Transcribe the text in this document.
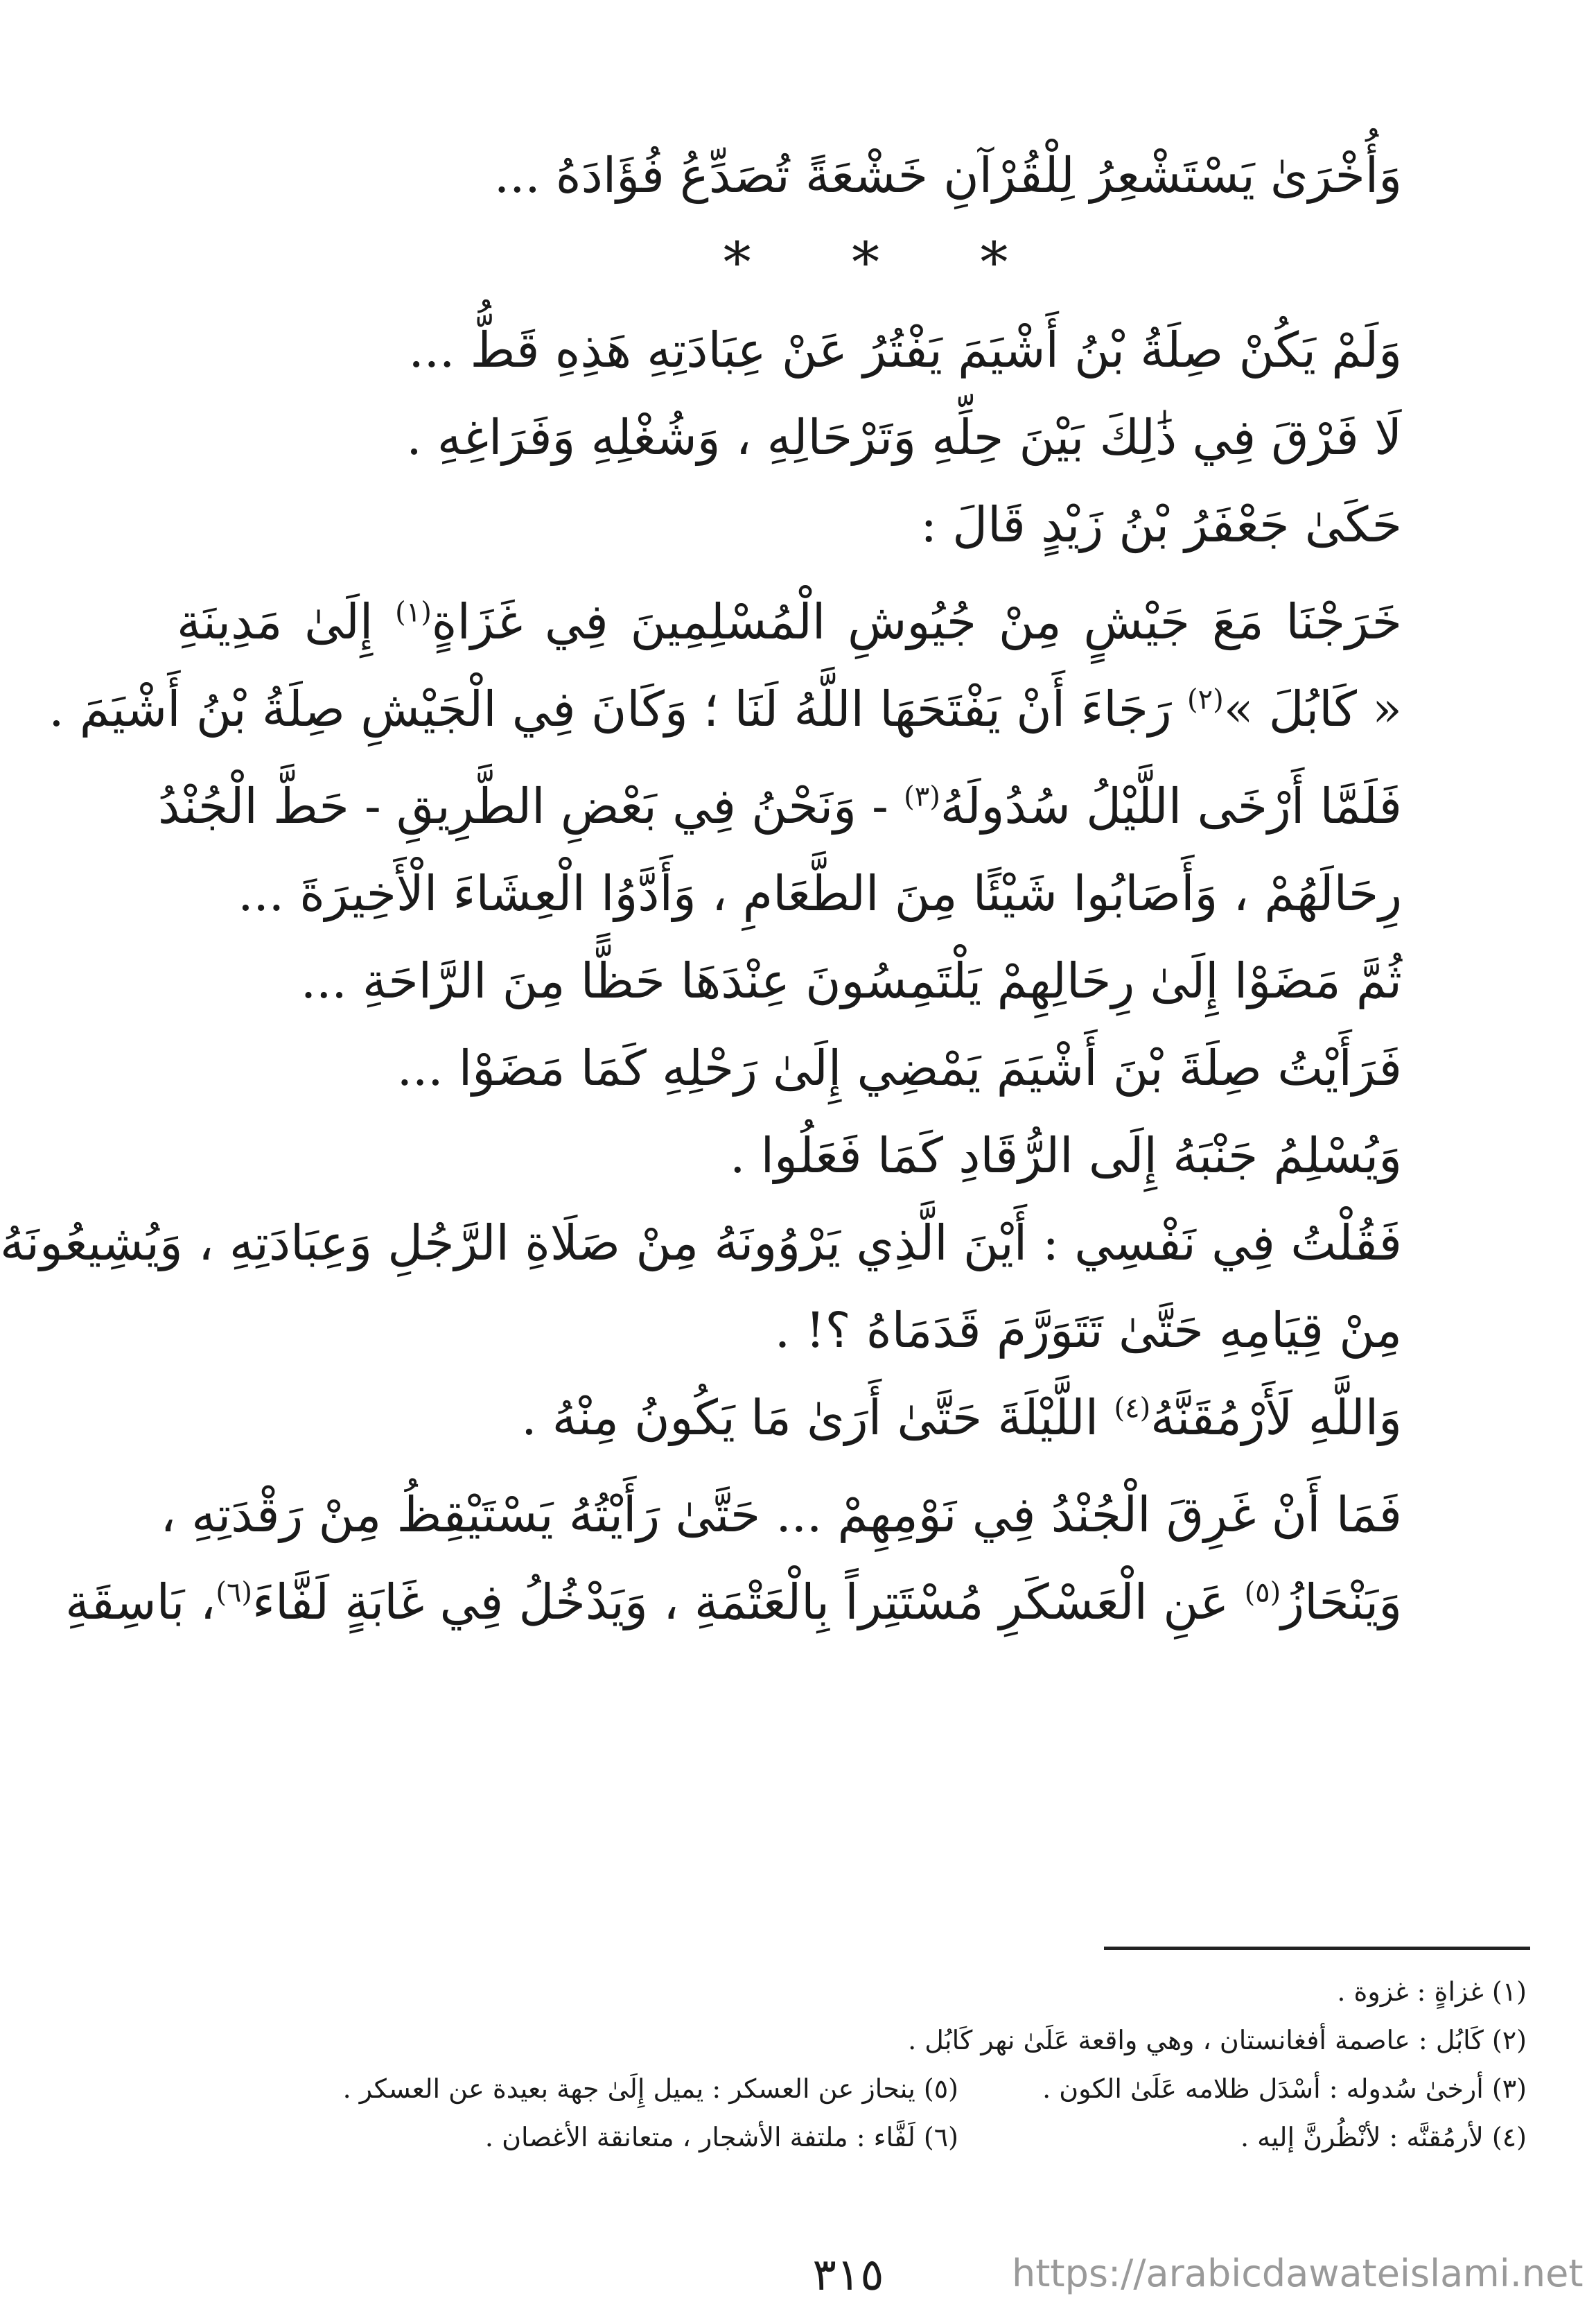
وَأُخْرَىٰ يَسْتَشْعِرُ لِلْقُرْآنِ خَشْعَةً تُصَدِّعُ فُؤَادَهُ ...
* * *
وَلَمْ يَكُنْ صِلَةُ بْنُ أَشْيَمَ يَفْتُرُ عَنْ عِبَادَتِهِ هَذِهِ قَطُّ ...
لَا فَرْقَ فِي ذَٰلِكَ بَيْنَ حِلِّهِ وَتَرْحَالِهِ ، وَشُغْلِهِ وَفَرَاغِهِ .
حَكَىٰ جَعْفَرُ بْنُ زَيْدٍ قَالَ :
خَرَجْنَا مَعَ جَيْشٍ مِنْ جُيُوشِ الْمُسْلِمِينَ فِي غَزَاةٍ$^{(١)}$ إِلَىٰ مَدِينَةِ
« كَابُلَ »$^{(٢)}$ رَجَاءَ أَنْ يَفْتَحَهَا اللَّهُ لَنَا ؛ وَكَانَ فِي الْجَيْشِ صِلَةُ بْنُ أَشْيَمَ .
فَلَمَّا أَرْخَى اللَّيْلُ سُدُولَهُ$^{(٣)}$ - وَنَحْنُ فِي بَعْضِ الطَّرِيقِ - حَطَّ الْجُنْدُ
رِحَالَهُمْ ، وَأَصَابُوا شَيْئًا مِنَ الطَّعَامِ ، وَأَدَّوُا الْعِشَاءَ الْأَخِيرَةَ ...
ثُمَّ مَضَوْا إِلَىٰ رِحَالِهِمْ يَلْتَمِسُونَ عِنْدَهَا حَظًّا مِنَ الرَّاحَةِ ...
فَرَأَيْتُ صِلَةَ بْنَ أَشْيَمَ يَمْضِي إِلَىٰ رَحْلِهِ كَمَا مَضَوْا ...
وَيُسْلِمُ جَنْبَهُ إِلَى الرُّقَادِ كَمَا فَعَلُوا .
فَقُلْتُ فِي نَفْسِي : أَيْنَ الَّذِي يَرْوُونَهُ مِنْ صَلَاةِ الرَّجُلِ وَعِبَادَتِهِ ، وَيُشِيعُونَهُ
مِنْ قِيَامِهِ حَتَّىٰ تَتَوَرَّمَ قَدَمَاهُ ؟! .
وَاللَّهِ لَأَرْمُقَنَّهُ$^{(٤)}$ اللَّيْلَةَ حَتَّىٰ أَرَىٰ مَا يَكُونُ مِنْهُ .
فَمَا أَنْ غَرِقَ الْجُنْدُ فِي نَوْمِهِمْ ... حَتَّىٰ رَأَيْتُهُ يَسْتَيْقِظُ مِنْ رَقْدَتِهِ ،
وَيَنْحَازُ$^{(٥)}$ عَنِ الْعَسْكَرِ مُسْتَتِراً بِالْعَتْمَةِ ، وَيَدْخُلُ فِي غَابَةٍ لَفَّاءَ$^{(٦)}$، بَاسِقَةِ
(١) غزاةٍ : غزوة .
(٢) كَابُل : عاصمة أفغانستان ، وهي واقعة عَلَىٰ نهر كَابُل .
(٣) أرخىٰ سُدوله : أسْدَل ظلامه عَلَىٰ الكون .
(٥) ينحاز عن العسكر : يميل إِلَىٰ جهة بعيدة عن العسكر .
(٤) لأرمُقنَّه : لأنْظُرنَّ إليه .
(٦) لَفَّاء : ملتفة الأشجار ، متعانقة الأغصان .
٣١٥	https://arabicdawateislami.net
